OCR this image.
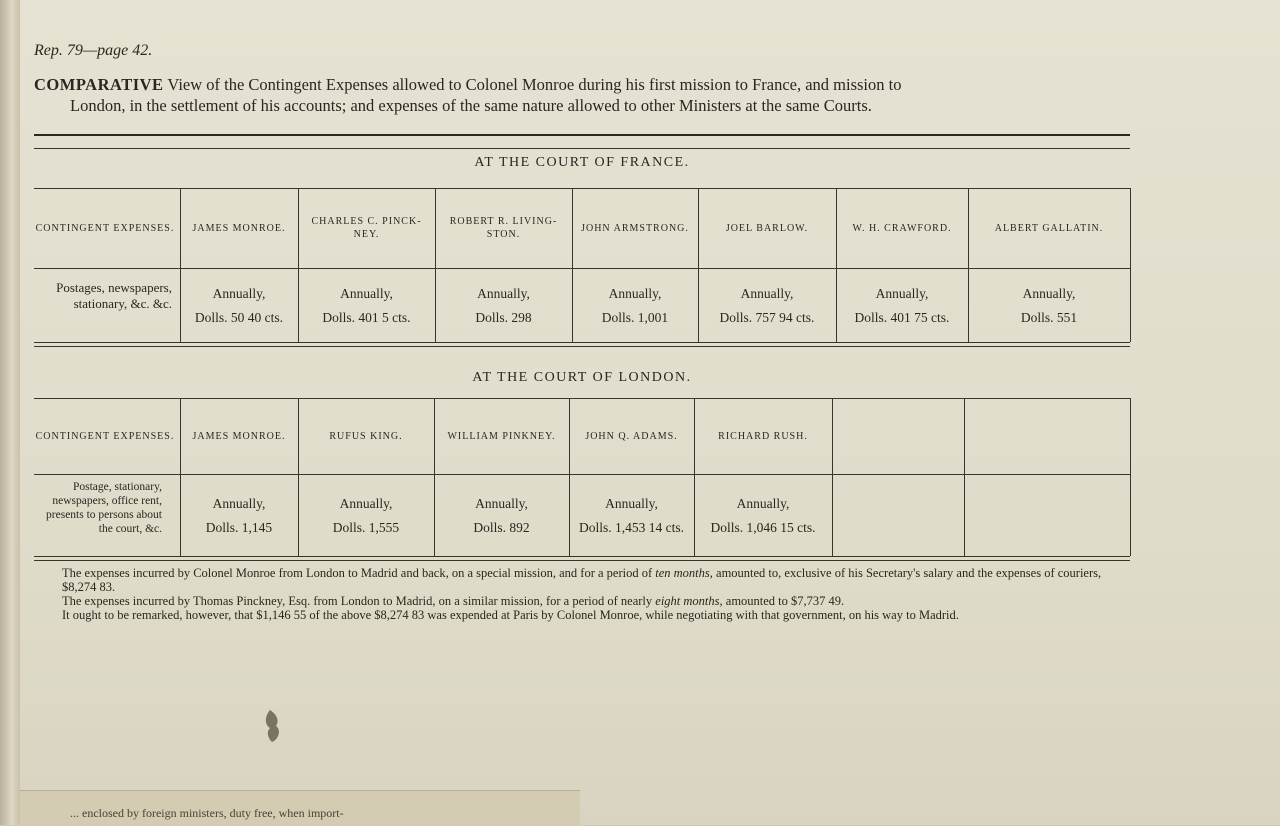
... enclosed by foreign ministers, duty free, when import-
Rep. 79—page 42.
COMPARATIVE View of the Contingent Expenses allowed to Colonel Monroe during his first mission to France, and mission to
London, in the settlement of his accounts; and expenses of the same nature allowed to other Ministers at the same Courts.
AT THE COURT OF FRANCE.
CONTINGENT EXPENSES.
Postages, newspapers, stationary, &c. &c.
JAMES MONROE.
Annually,
Dolls. 50 40 cts.
CHARLES C. PINCK-NEY.
Annually,
Dolls. 401 5 cts.
ROBERT R. LIVING-STON.
Annually,
Dolls. 298
JOHN ARMSTRONG.
Annually,
Dolls. 1,001
JOEL BARLOW.
Annually,
Dolls. 757 94 cts.
W. H. CRAWFORD.
Annually,
Dolls. 401 75 cts.
ALBERT GALLATIN.
Annually,
Dolls. 551
AT THE COURT OF LONDON.
CONTINGENT EXPENSES.
Postage, stationary, newspapers, office rent, presents to persons about the court, &c.
JAMES MONROE.
Annually,
Dolls. 1,145
RUFUS KING.
Annually,
Dolls. 1,555
WILLIAM PINKNEY.
Annually,
Dolls. 892
JOHN Q. ADAMS.
Annually,
Dolls. 1,453 14 cts.
RICHARD RUSH.
Annually,
Dolls. 1,046 15 cts.

The expenses incurred by Colonel Monroe from London to Madrid and back, on a special mission, and for a period of ten months, amounted to, exclusive of his Secretary's salary and the expenses of couriers, $8,274 83.

The expenses incurred by Thomas Pinckney, Esq. from London to Madrid, on a similar mission, for a period of nearly eight months, amounted to $7,737 49.

It ought to be remarked, however, that $1,146 55 of the above $8,274 83 was expended at Paris by Colonel Monroe, while negotiating with that government, on his way to Madrid.
